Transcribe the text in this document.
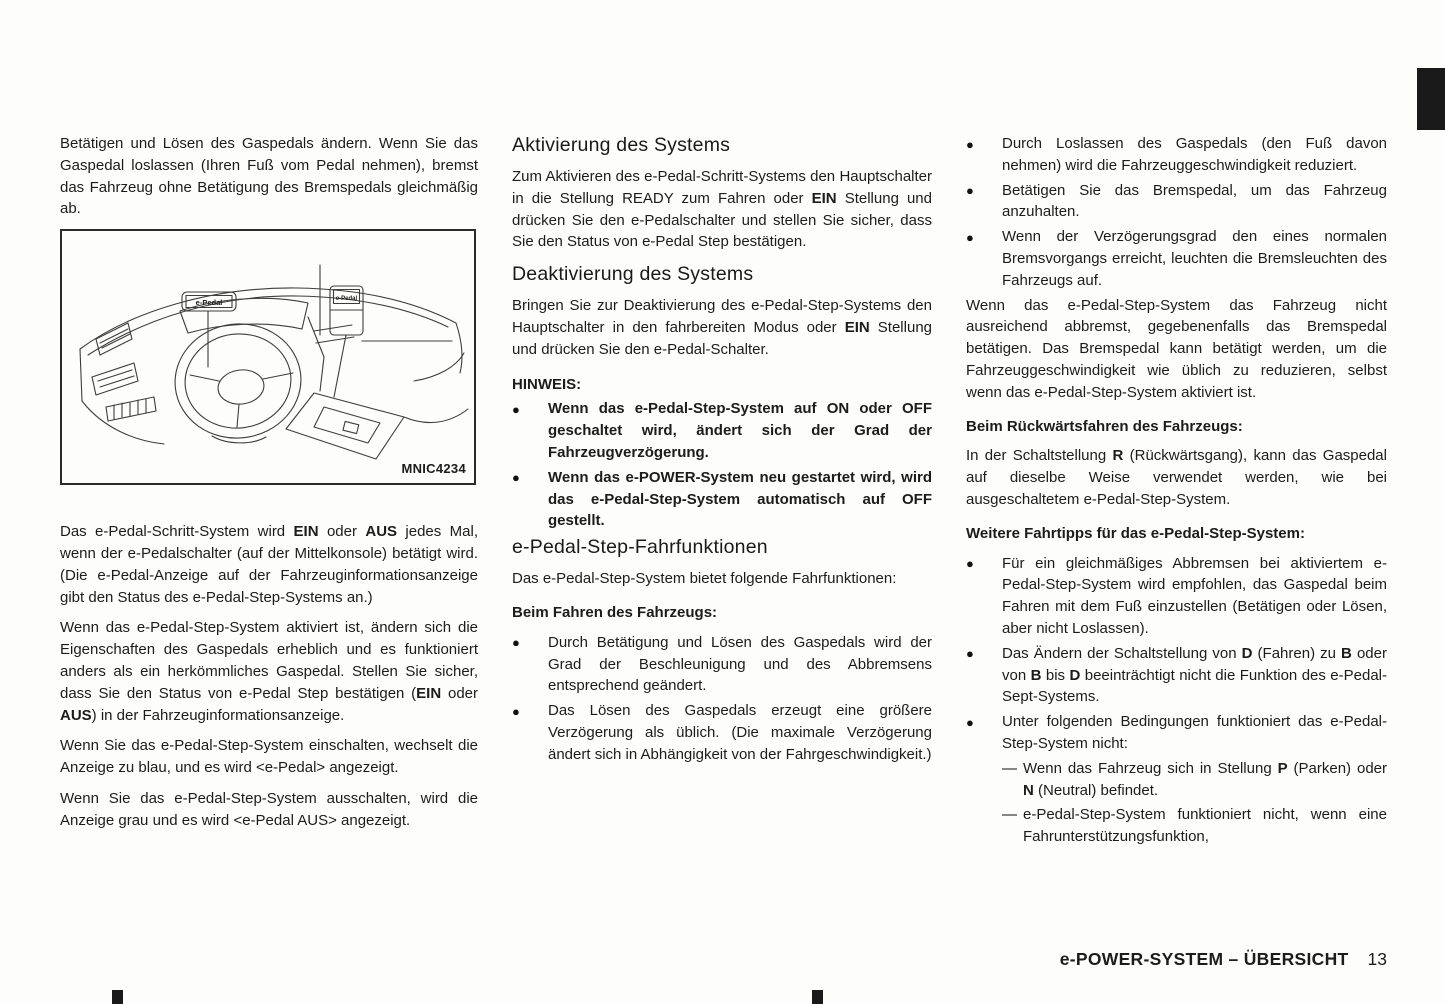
Betätigen und Lösen des Gaspedals ändern. Wenn Sie das Gaspedal loslassen (Ihren Fuß vom Pedal nehmen), bremst das Fahrzeug ohne Betätigung des Bremspedals gleichmäßig ab.

e-Pedal	e-Pedal
MNIC4234

Das e-Pedal-Schritt-System wird EIN oder AUS jedes Mal, wenn der e-Pedalschalter (auf der Mittelkonsole) betätigt wird. (Die e-Pedal-Anzeige auf der Fahrzeuginformationsanzeige gibt den Status des e-Pedal-Step-Systems an.)

Wenn das e-Pedal-Step-System aktiviert ist, ändern sich die Eigenschaften des Gaspedals erheblich und es funktioniert anders als ein herkömmliches Gaspedal. Stellen Sie sicher, dass Sie den Status von e-Pedal Step bestätigen (EIN oder AUS) in der Fahrzeuginformationsanzeige.

Wenn Sie das e-Pedal-Step-System einschalten, wechselt die Anzeige zu blau, und es wird <e-Pedal> angezeigt.

Wenn Sie das e-Pedal-Step-System ausschalten, wird die Anzeige grau und es wird <e-Pedal AUS> angezeigt.

Aktivierung des Systems

Zum Aktivieren des e-Pedal-Schritt-Systems den Hauptschalter in die Stellung READY zum Fahren oder EIN Stellung und drücken Sie den e-Pedalschalter und stellen Sie sicher, dass Sie den Status von e-Pedal Step bestätigen.

Deaktivierung des Systems

Bringen Sie zur Deaktivierung des e-Pedal-Step-Systems den Hauptschalter in den fahrbereiten Modus oder EIN Stellung und drücken Sie den e-Pedal-Schalter.

HINWEIS:
●	Wenn das e-Pedal-Step-System auf ON oder OFF geschaltet wird, ändert sich der Grad der Fahrzeugverzögerung.
●	Wenn das e-POWER-System neu gestartet wird, wird das e-Pedal-Step-System automatisch auf OFF gestellt.
e-Pedal-Step-Fahrfunktionen

Das e-Pedal-Step-System bietet folgende Fahrfunktionen:

Beim Fahren des Fahrzeugs:
●	Durch Betätigung und Lösen des Gaspedals wird der Grad der Beschleunigung und des Abbremsens entsprechend geändert.
●	Das Lösen des Gaspedals erzeugt eine größere Verzögerung als üblich. (Die maximale Verzögerung ändert sich in Abhängigkeit von der Fahrgeschwindigkeit.)
●	Durch Loslassen des Gaspedals (den Fuß davon nehmen) wird die Fahrzeuggeschwindigkeit reduziert.
●	Betätigen Sie das Bremspedal, um das Fahrzeug anzuhalten.
●	Wenn der Verzögerungsgrad den eines normalen Bremsvorgangs erreicht, leuchten die Bremsleuchten des Fahrzeugs auf.

Wenn das e-Pedal-Step-System das Fahrzeug nicht ausreichend abbremst, gegebenenfalls das Bremspedal betätigen. Das Bremspedal kann betätigt werden, um die Fahrzeuggeschwindigkeit wie üblich zu reduzieren, selbst wenn das e-Pedal-Step-System aktiviert ist.

Beim Rückwärtsfahren des Fahrzeugs:

In der Schaltstellung R (Rückwärtsgang), kann das Gaspedal auf dieselbe Weise verwendet werden, wie bei ausgeschaltetem e-Pedal-Step-System.

Weitere Fahrtipps für das e-Pedal-Step-System:
●	Für ein gleichmäßiges Abbremsen bei aktiviertem e-Pedal-Step-System wird empfohlen, das Gaspedal beim Fahren mit dem Fuß einzustellen (Betätigen oder Lösen, aber nicht Loslassen).
●	Das Ändern der Schaltstellung von D (Fahren) zu B oder von B bis D beeinträchtigt nicht die Funktion des e-Pedal-Sept-Systems.
●	Unter folgenden Bedingungen funktioniert das e-Pedal-Step-System nicht:
— Wenn das Fahrzeug sich in Stellung P (Parken) oder N (Neutral) befindet.
— e-Pedal-Step-System funktioniert nicht, wenn eine Fahrunterstützungsfunktion,
e-POWER-SYSTEM – ÜBERSICHT 13
